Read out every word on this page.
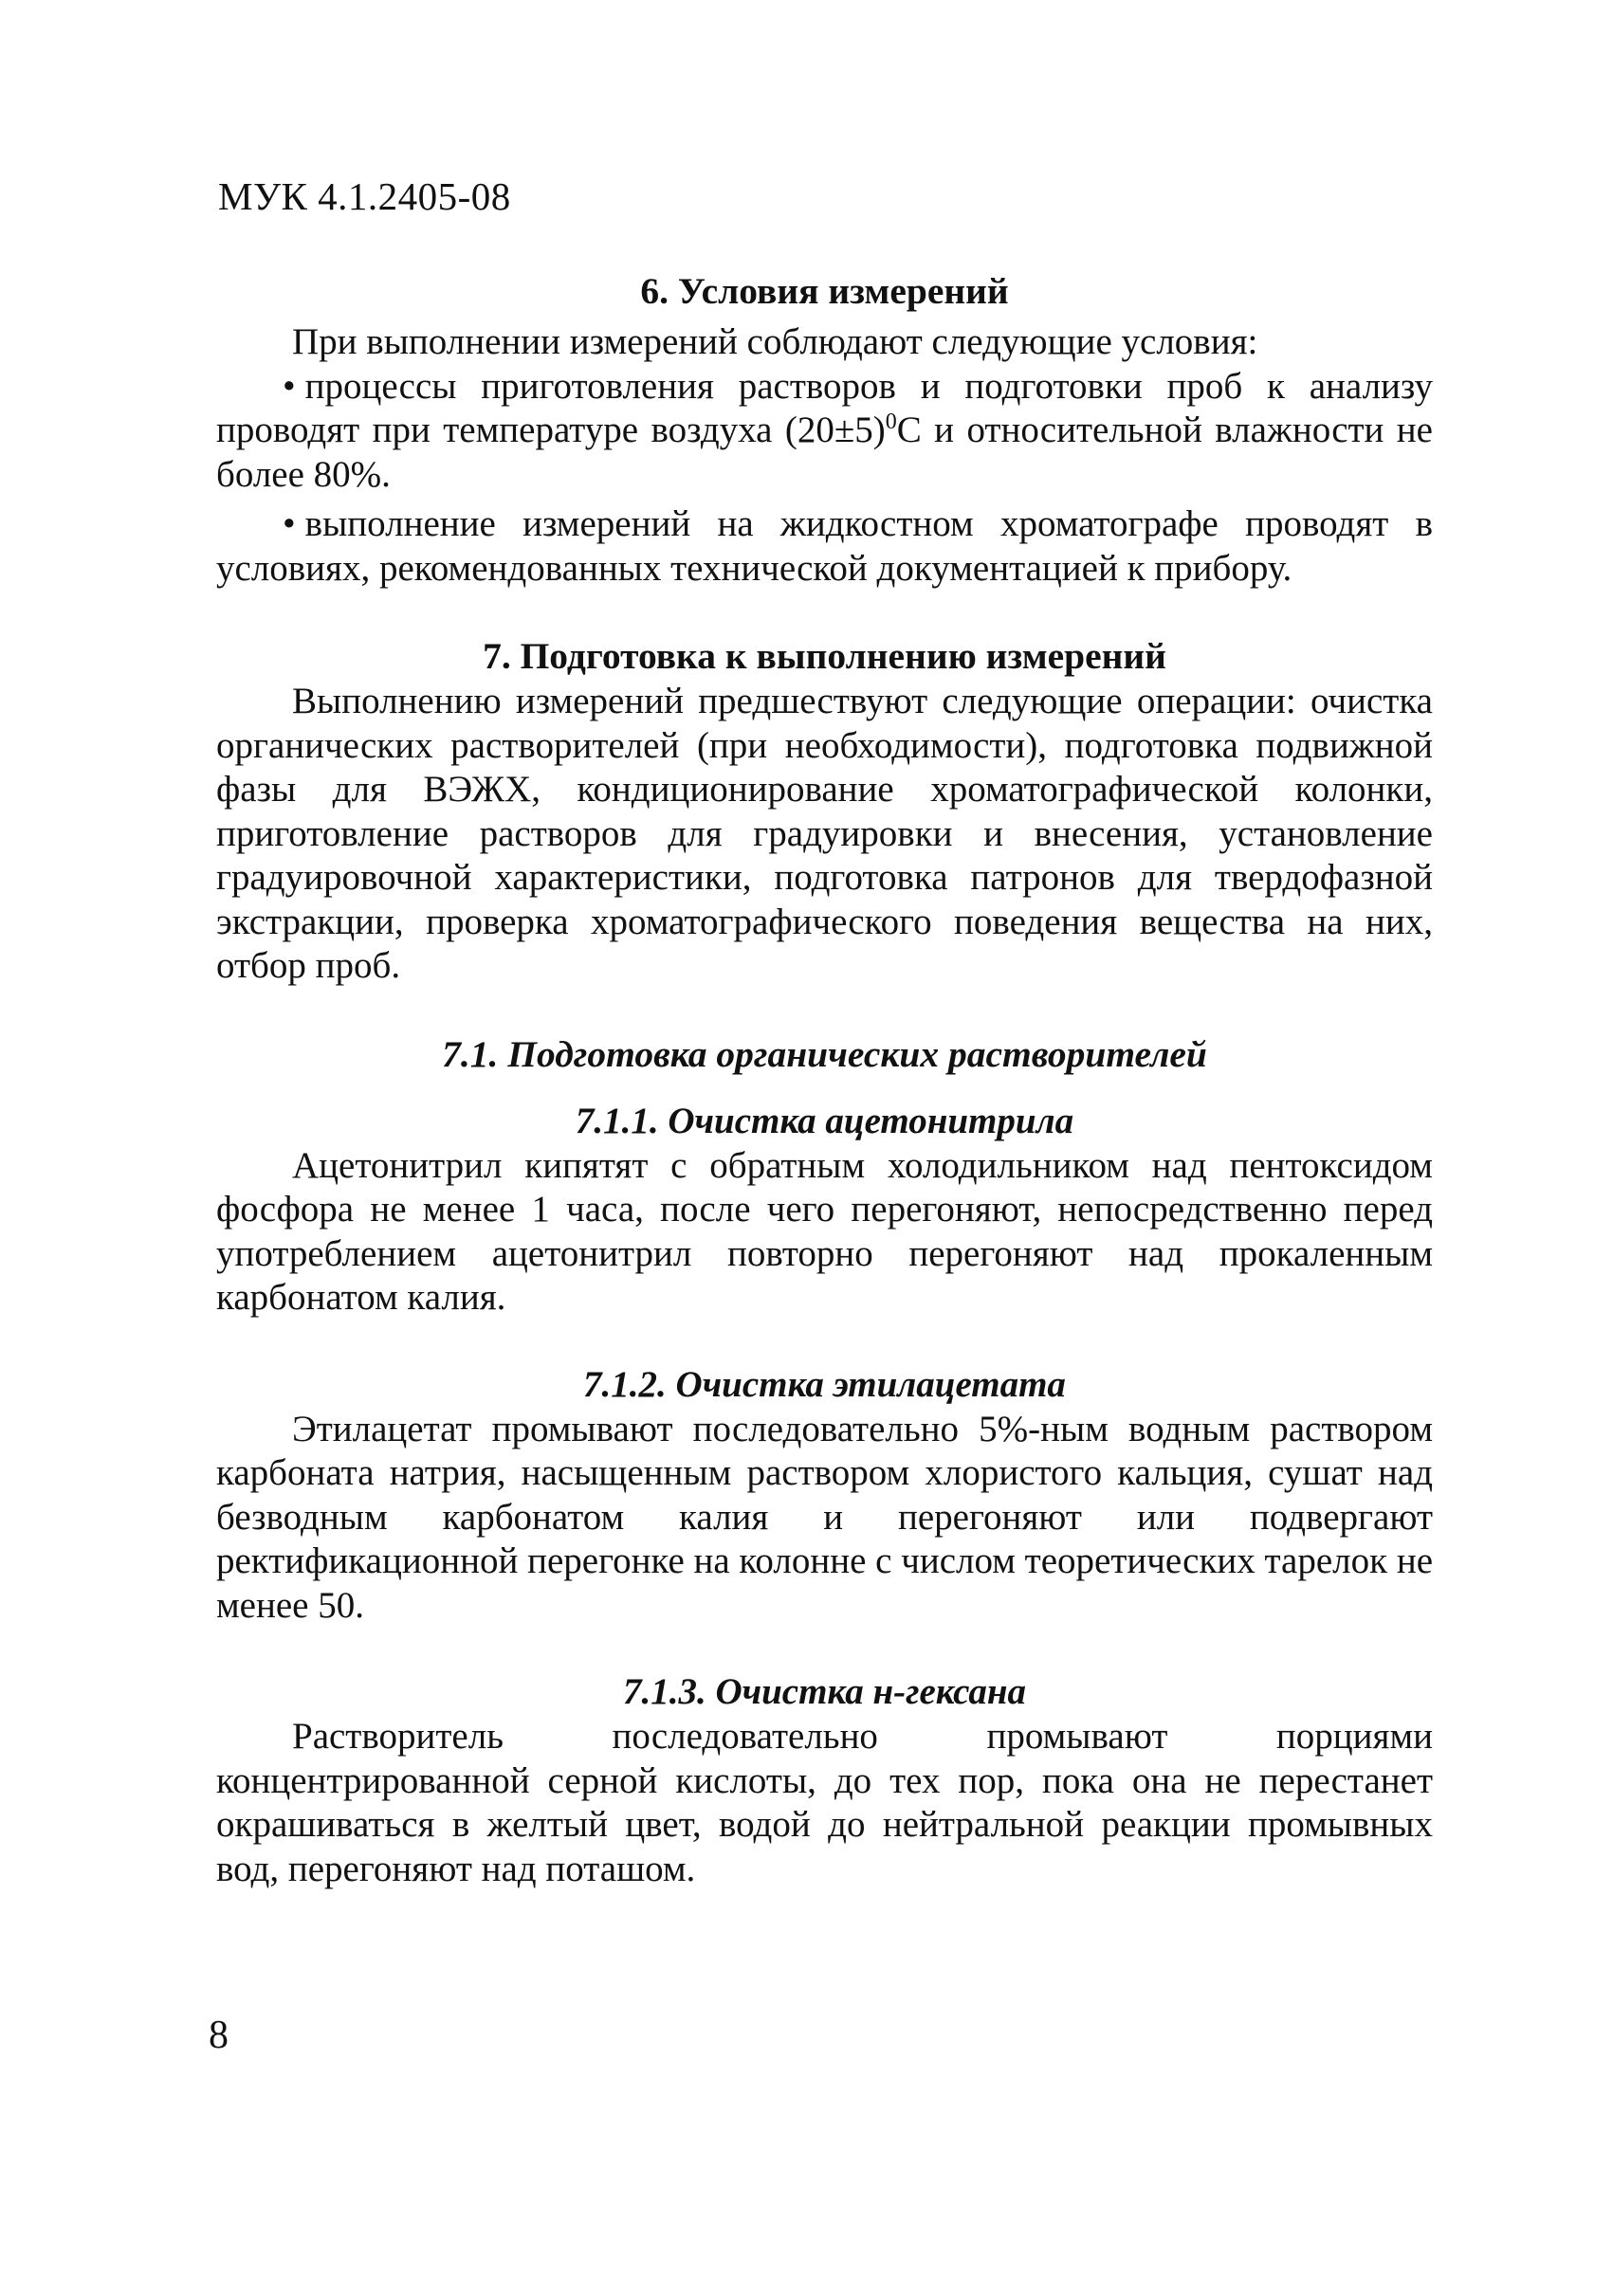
МУК 4.1.2405-08
6. Условия измерений

При выполнении измерений соблюдают следующие условия:

• процессы приготовления растворов и подготовки проб к анализу проводят при температуре воздуха $(20\pm 5)^0С$ и относительной влажности не более 80%.

• выполнение измерений на жидкостном хроматографе проводят в условиях, рекомендованных технической документацией к прибору.

7. Подготовка к выполнению измерений

Выполнению измерений предшествуют следующие операции: очистка органических растворителей (при необходимости), подготовка подвижной фазы для ВЭЖХ, кондиционирование хроматографической колонки, приготовление растворов для градуировки и внесения, установление градуировочной характеристики, подготовка патронов для твердофазной экстракции, проверка хроматографического поведения вещества на них, отбор проб.

7.1. Подготовка органических растворителей
7.1.1. Очистка ацетонитрила

Ацетонитрил кипятят с обратным холодильником над пентоксидом фосфора не менее 1 часа, после чего перегоняют, непосредственно перед употреблением ацетонитрил повторно перегоняют над прокаленным карбонатом калия.

7.1.2. Очистка этилацетата

Этилацетат промывают последовательно 5%-ным водным раствором карбоната натрия, насыщенным раствором хлористого кальция, сушат над безводным карбонатом калия и перегоняют или подвергают ректификационной перегонке на колонне с числом теоретических тарелок не менее 50.

7.1.3. Очистка н-гексана

Растворитель последовательно промывают порциями концентрированной серной кислоты, до тех пор, пока она не перестанет окрашиваться в желтый цвет, водой до нейтральной реакции промывных вод, перегоняют над поташом.

8
